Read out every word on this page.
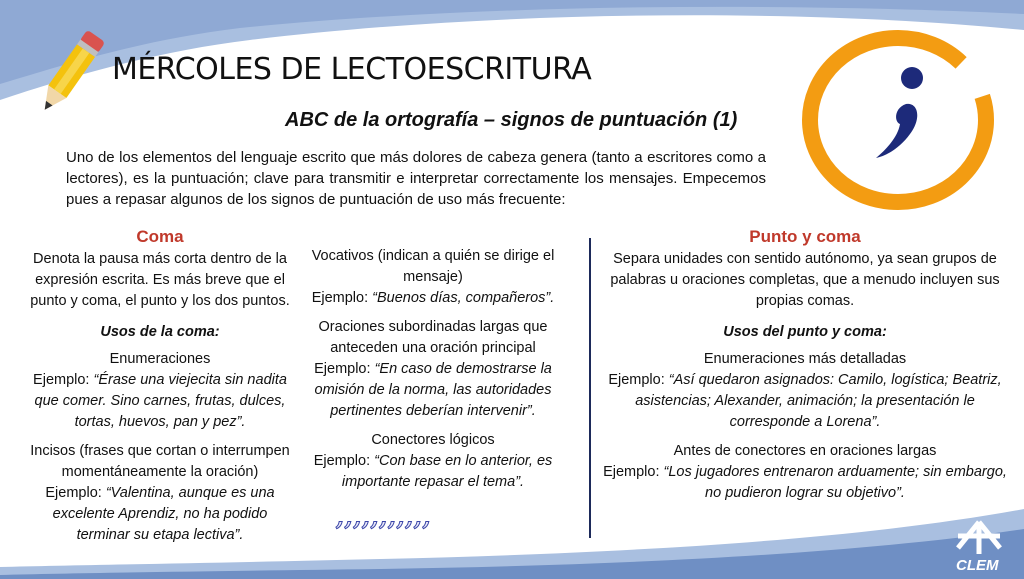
MÉRCOLES DE LECTOESCRITURA
ABC de la ortografía – signos de puntuación (1)
Uno de los elementos del lenguaje escrito que más dolores de cabeza genera (tanto a escritores como a lectores), es la puntuación; clave para transmitir e interpretar correctamente los mensajes. Empecemos pues a repasar algunos de los signos de puntuación de uso más frecuente:
Coma
Denota la pausa más corta dentro de la expresión escrita. Es más breve que el punto y coma, el punto y los dos puntos.
Usos de la coma:
Enumeraciones
Ejemplo: “Érase una viejecita sin nadita que comer. Sino carnes, frutas, dulces, tortas, huevos, pan y pez”.
Incisos (frases que cortan o interrumpen momentáneamente la oración)
Ejemplo: “Valentina, aunque es una excelente Aprendiz, no ha podido terminar su etapa lectiva”.
Vocativos (indican a quién se dirige el mensaje)
Ejemplo: “Buenos días, compañeros”.
Oraciones subordinadas largas que anteceden una oración principal
Ejemplo: “En caso de demostrarse la omisión de la norma, las autoridades pertinentes deberían intervenir”.
Conectores lógicos
Ejemplo: “Con base en lo anterior, es importante repasar el tema”.
,,,,,,,,,,,
Punto y coma
Separa unidades con sentido autónomo, ya sean grupos de palabras u oraciones completas, que a menudo incluyen sus propias comas.
Usos del punto y coma:
Enumeraciones más detalladas
Ejemplo: “Así quedaron asignados: Camilo, logística; Beatriz, asistencias; Alexander, animación; la presentación le corresponde a Lorena”.
Antes de conectores en oraciones largas
Ejemplo: “Los jugadores entrenaron arduamente; sin embargo, no pudieron lograr su objetivo”.
SENA
CLEM
